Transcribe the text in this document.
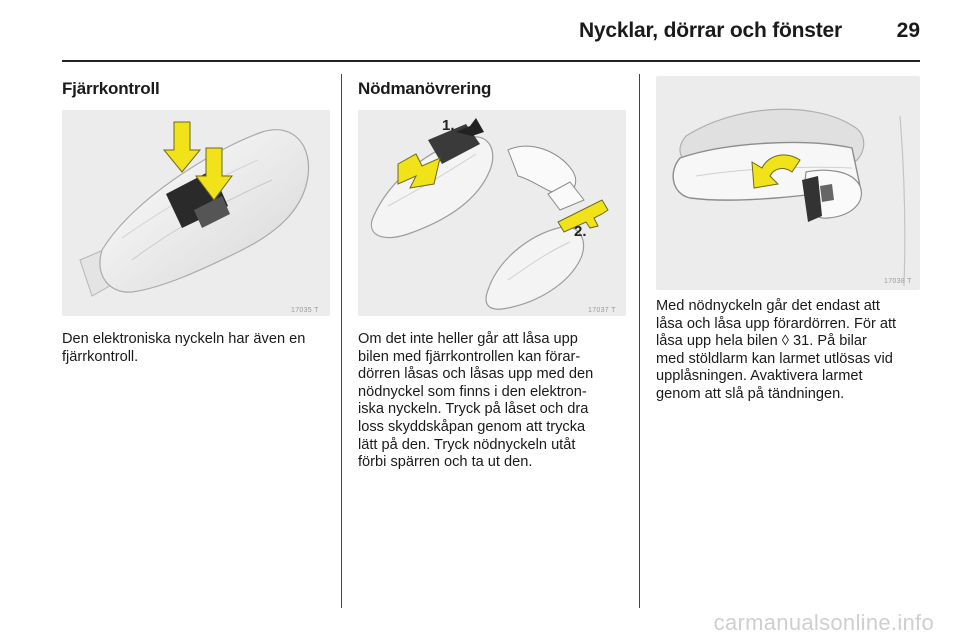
Nycklar, dörrar och fönster	29
Fjärrkontroll
17035 T
Den elektroniska nyckeln har även en
fjärrkontroll.
Nödmanövrering
1.
2.
17037 T
Om det inte heller går att låsa upp
bilen med fjärrkontrollen kan förar-
dörren låsas och låsas upp med den
nödnyckel som finns i den elektron-
iska nyckeln. Tryck på låset och dra
loss skyddskåpan genom att trycka
lätt på den. Tryck nödnyckeln utåt
förbi spärren och ta ut den.
17038 T
Med nödnyckeln går det endast att
låsa och låsa upp förardörren. För att
låsa upp hela bilen ◊ 31. På bilar
med stöldlarm kan larmet utlösas vid
upplåsningen. Avaktivera larmet
genom att slå på tändningen.
carmanualsonline.info
